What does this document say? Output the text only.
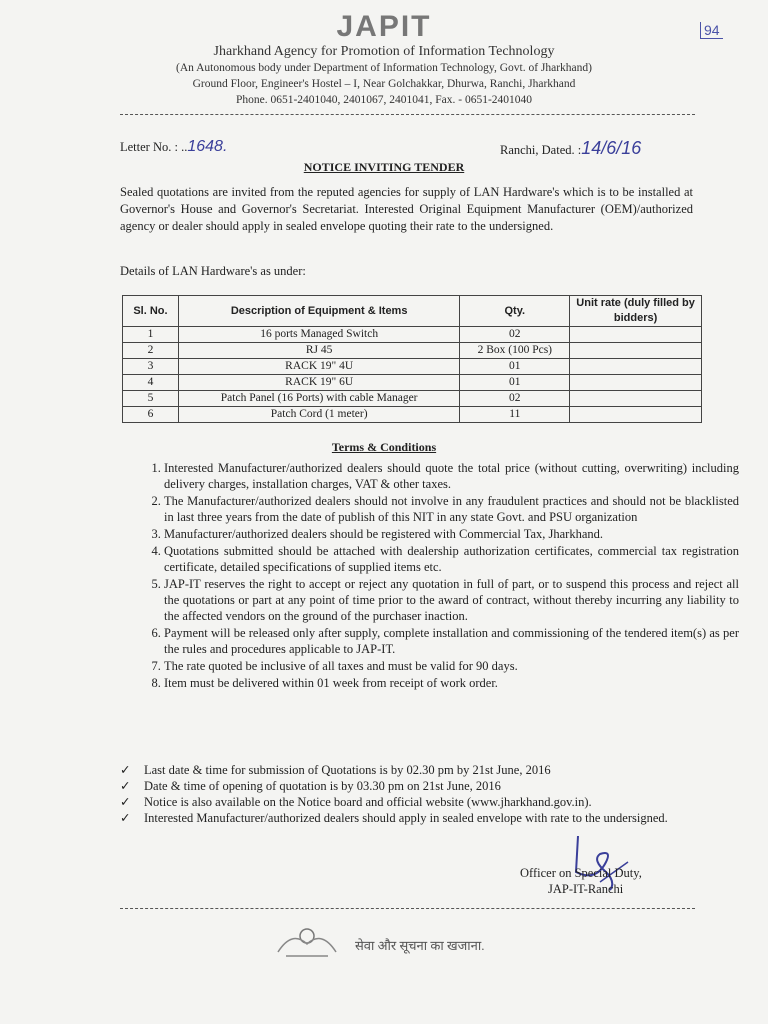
JAPIT	94
Jharkhand Agency for Promotion of Information Technology
(An Autonomous body under Department of Information Technology, Govt. of Jharkhand)
Ground Floor, Engineer's Hostel – I, Near Golchakkar, Dhurwa, Ranchi, Jharkhand
Phone. 0651-2401040, 2401067, 2401041, Fax. - 0651-2401040
Letter No. : ..1648.	Ranchi, Dated. :14/6/16
NOTICE INVITING TENDER
Sealed quotations are invited from the reputed agencies for supply of LAN Hardware's which is to be installed at Governor's House and Governor's Secretariat. Interested Original Equipment Manufacturer (OEM)/authorized agency or dealer should apply in sealed envelope quoting their rate to the undersigned.
Details of LAN Hardware's as under:
Sl. No.	Description of Equipment & Items	Qty.	Unit rate (duly filled by bidders)
1	16 ports Managed Switch	02	
2	RJ 45	2 Box (100 Pcs)	
3	RACK 19" 4U	01	
4	RACK 19" 6U	01	
5	Patch Panel (16 Ports) with cable Manager	02	
6	Patch Cord (1 meter)	11	
Terms & Conditions
1. Interested Manufacturer/authorized dealers should quote the total price (without cutting, overwriting) including delivery charges, installation charges, VAT & other taxes.
2. The Manufacturer/authorized dealers should not involve in any fraudulent practices and should not be blacklisted in last three years from the date of publish of this NIT in any state Govt. and PSU organization
3. Manufacturer/authorized dealers should be registered with Commercial Tax, Jharkhand.
4. Quotations submitted should be attached with dealership authorization certificates, commercial tax registration certificate, detailed specifications of supplied items etc.
5. JAP-IT reserves the right to accept or reject any quotation in full of part, or to suspend this process and reject all the quotations or part at any point of time prior to the award of contract, without thereby incurring any liability to the affected vendors on the ground of the purchaser inaction.
6. Payment will be released only after supply, complete installation and commissioning of the tendered item(s) as per the rules and procedures applicable to JAP-IT.
7. The rate quoted be inclusive of all taxes and must be valid for 90 days.
8. Item must be delivered within 01 week from receipt of work order.
✓ Last date & time for submission of Quotations is by 02.30 pm by 21st June, 2016
✓ Date & time of opening of quotation is by 03.30 pm on 21st June, 2016
✓ Notice is also available on the Notice board and official website (www.jharkhand.gov.in).
✓ Interested Manufacturer/authorized dealers should apply in sealed envelope with rate to the undersigned.
Officer on Special Duty,
JAP-IT-Ranchi
सेवा और सूचना का खजाना.
